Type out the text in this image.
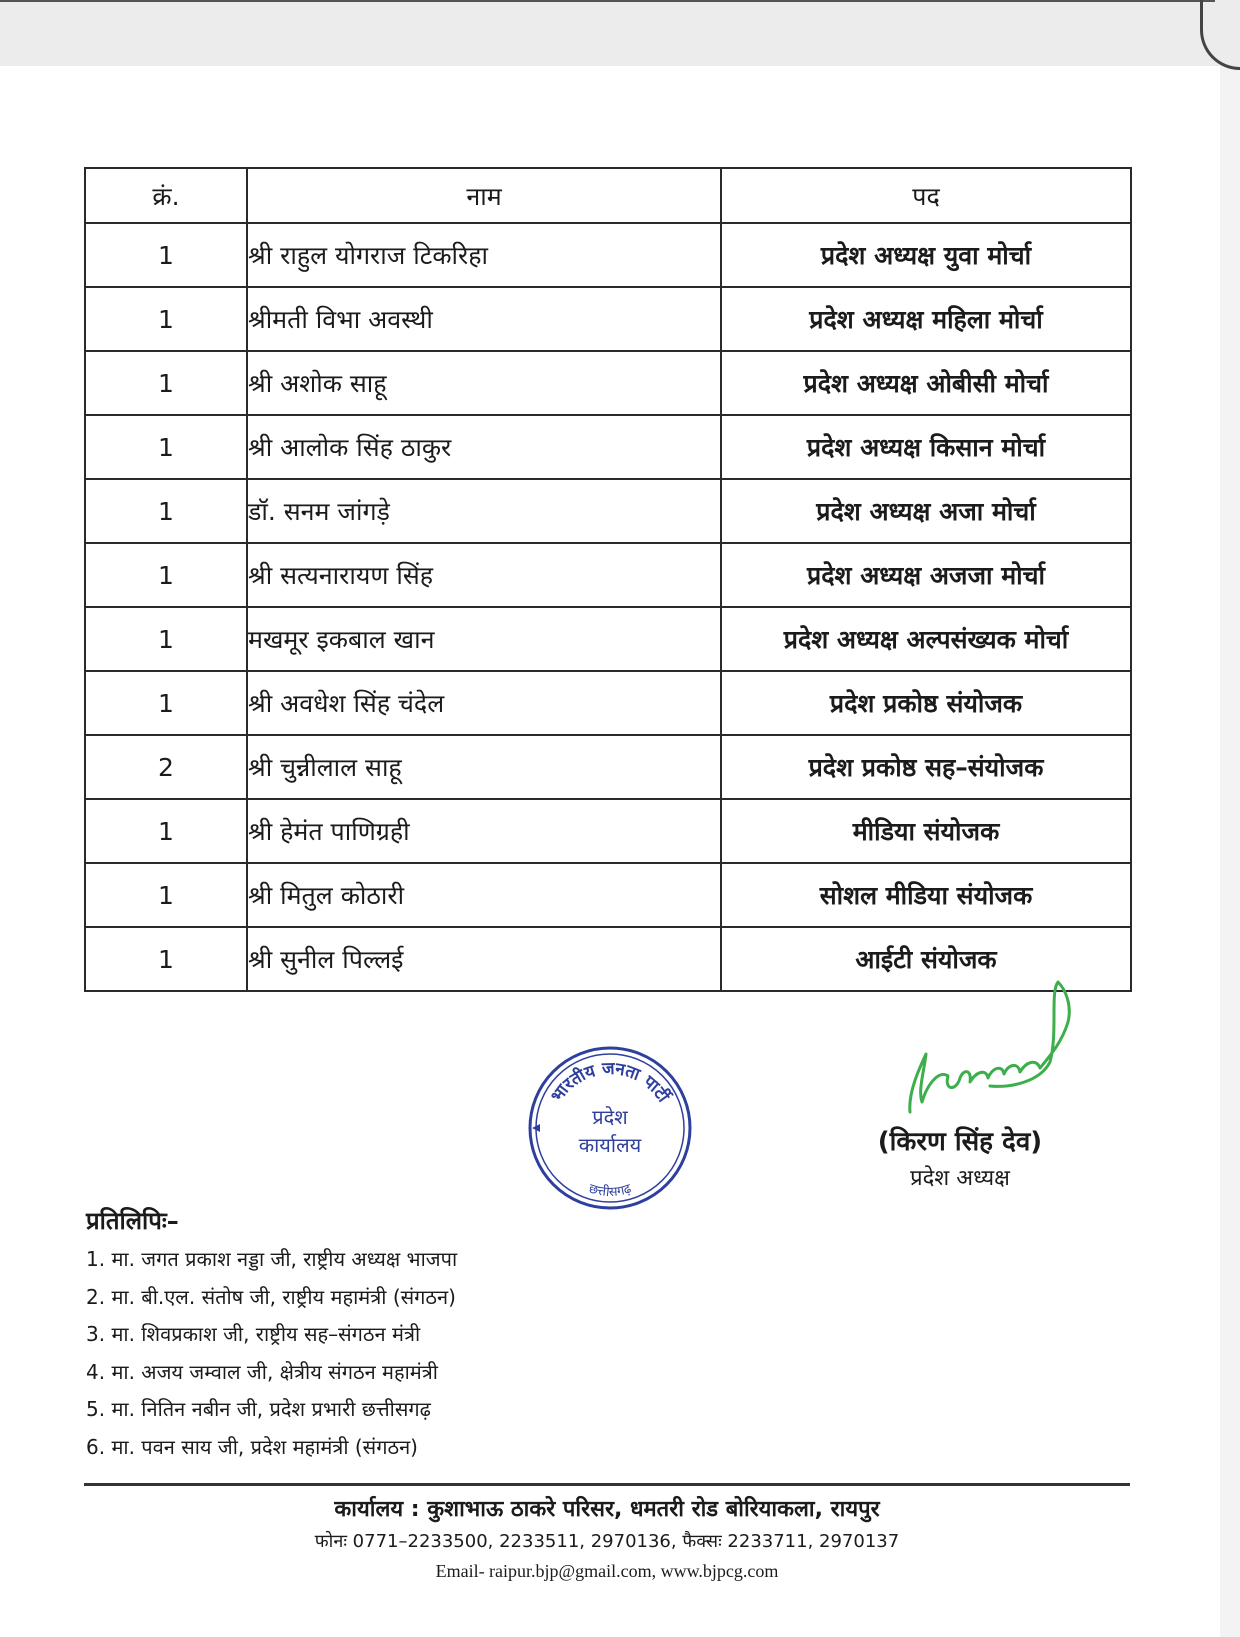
क्रं.	नाम	पद
1	श्री राहुल योगराज टिकरिहा	प्रदेश अध्यक्ष युवा मोर्चा
1	श्रीमती विभा अवस्थी	प्रदेश अध्यक्ष महिला मोर्चा
1	श्री अशोक साहू	प्रदेश अध्यक्ष ओबीसी मोर्चा
1	श्री आलोक सिंह ठाकुर	प्रदेश अध्यक्ष किसान मोर्चा
1	डॉ. सनम जांगड़े	प्रदेश अध्यक्ष अजा मोर्चा
1	श्री सत्यनारायण सिंह	प्रदेश अध्यक्ष अजजा मोर्चा
1	मखमूर इकबाल खान	प्रदेश अध्यक्ष अल्पसंख्यक मोर्चा
1	श्री अवधेश सिंह चंदेल	प्रदेश प्रकोष्ठ संयोजक
2	श्री चुन्नीलाल साहू	प्रदेश प्रकोष्ठ सह–संयोजक
1	श्री हेमंत पाणिग्रही	मीडिया संयोजक
1	श्री मितुल कोठारी	सोशल मीडिया संयोजक
1	श्री सुनील पिल्लई	आईटी संयोजक
भारतीय जनता पार्टी
प्रदेश
कार्यालय
छत्तीसगढ़
(किरण सिंह देव)
प्रदेश अध्यक्ष
प्रतिलिपिः–
1. मा. जगत प्रकाश नड्डा जी, राष्ट्रीय अध्यक्ष भाजपा
2. मा. बी.एल. संतोष जी, राष्ट्रीय महामंत्री (संगठन)
3. मा. शिवप्रकाश जी, राष्ट्रीय सह–संगठन मंत्री
4. मा. अजय जम्वाल जी, क्षेत्रीय संगठन महामंत्री
5. मा. नितिन नबीन जी, प्रदेश प्रभारी छत्तीसगढ़
6. मा. पवन साय जी, प्रदेश महामंत्री (संगठन)
कार्यालय : कुशाभाऊ ठाकरे परिसर, धमतरी रोड बोरियाकला, रायपुर
फोनः 0771–2233500, 2233511, 2970136, फैक्सः 2233711, 2970137
Email- raipur.bjp@gmail.com, www.bjpcg.com
